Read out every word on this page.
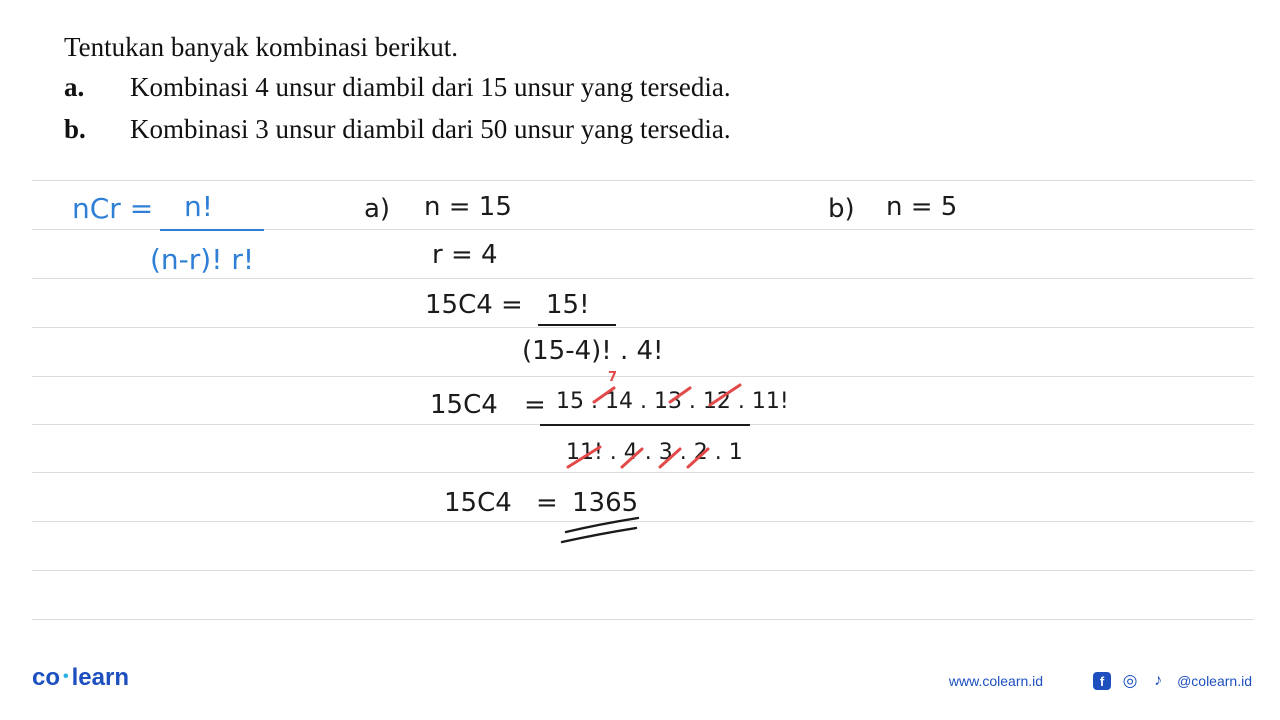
Tentukan banyak kombinasi berikut.
a.	Kombinasi 4 unsur diambil dari 15 unsur yang tersedia.
b.	Kombinasi 3 unsur diambil dari 50 unsur yang tersedia.
nCr = n!
(n-r)! r!
a) n = 15
r = 4
15C4 = 15!
(15-4)! . 4!
15C4 = 15 . 14 . 13 . 12 . 11!
7
11! . 4 . 3 . 2 . 1
15C4 = 1365
b) n = 5
co • learn	www.colearn.id	f	◎	♪	@colearn.id
